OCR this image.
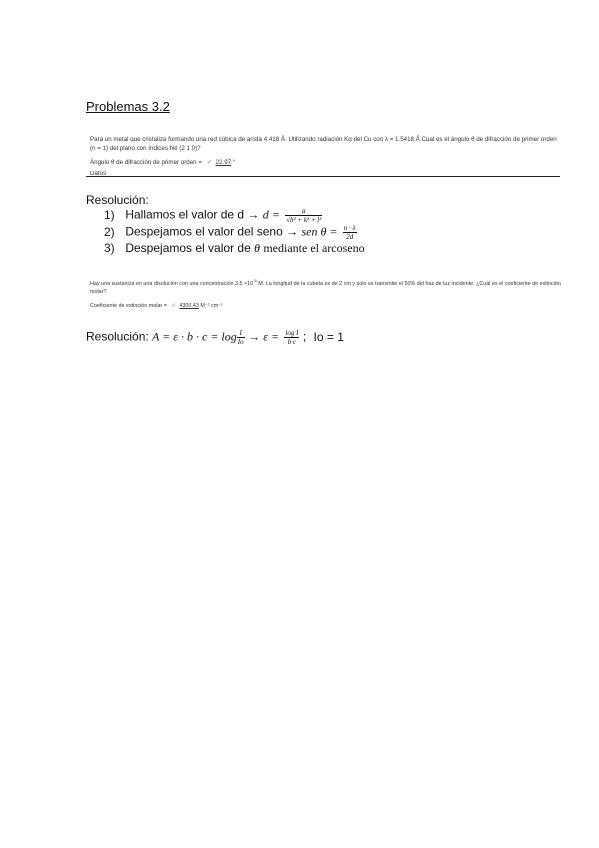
Problemas 3.2
Para un metal que cristaliza formando una red cúbica de arista 4.418 Å. Utilizando radiación Kα del Cu con λ = 1.5418 Å Cual es el ángulo θ de difracción de primer orden (n = 1) del plano con índices hkl (2 1 0)?
Ángulo θ de difracción de primer orden = ✓ 22.97 °
Datos
Resolución:
1) Hallamos el valor de $d \to d = \frac{a}{\text{√h² + k² + l²}}$
2) Despejamos el valor del seno → sen $\theta = \frac{n \cdot \lambda}{2d}$
3) Despejamos el valor de θ mediante el arcoseno
Hay una sustancia en una disolución con una concentración $3.5 \times 10^{-5}$ M. La longitud de la cubeta es de 2 cm y solo se transmite el 50% del haz de luz incidente. ¿Cuál es el coeficiente de extinción molar?
Coeficiente de extinción molar = ✓ 4300.43 M⁻¹ cm⁻¹
Resolución: $A = \varepsilon \cdot b \cdot c = \log \frac{I}{Io} \to \varepsilon = \frac{\text{log I}}{b\cdot c}$ ; Io = 1
